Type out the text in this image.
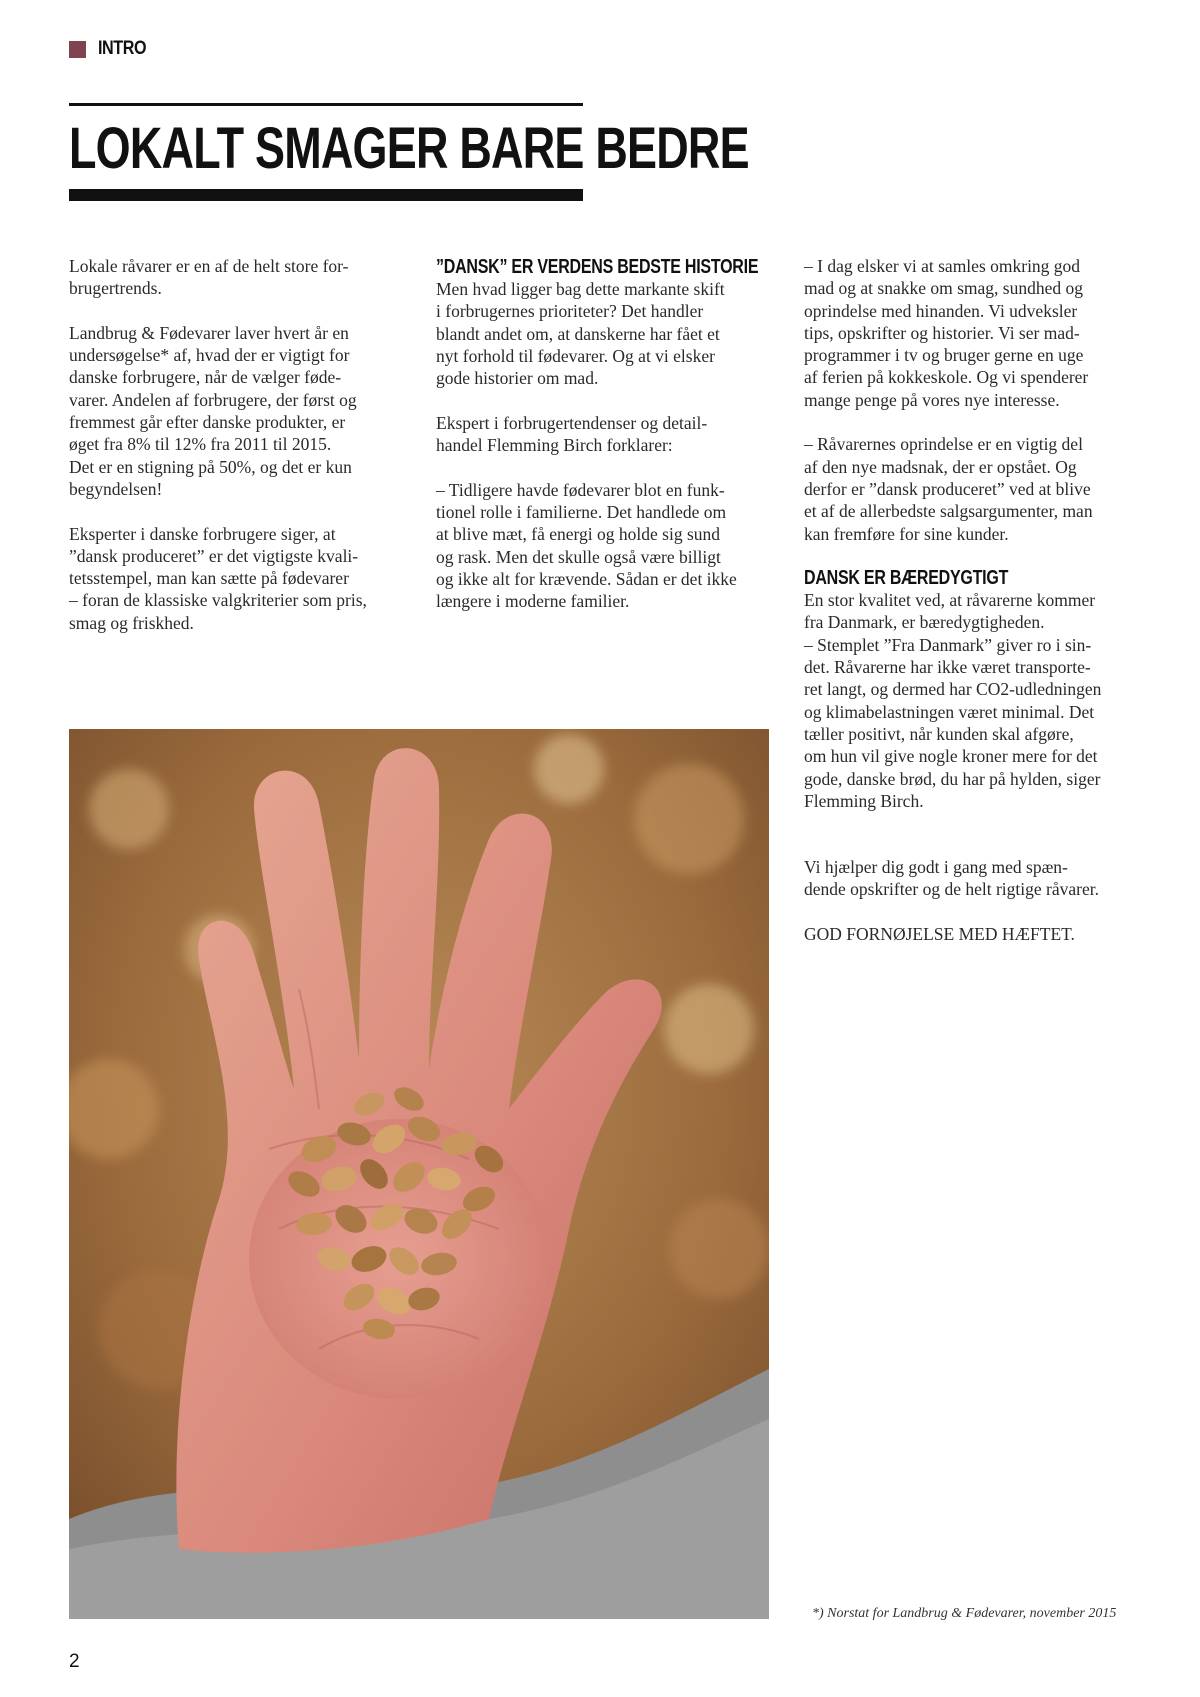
INTRO
LOKALT SMAGER BARE BEDRE

Lokale råvarer er en af de helt store for-
brugertrends.

Landbrug & Fødevarer laver hvert år en
undersøgelse* af, hvad der er vigtigt for
danske forbrugere, når de vælger føde-
varer. Andelen af forbrugere, der først og
fremmest går efter danske produkter, er
øget fra 8% til 12% fra 2011 til 2015.
Det er en stigning på 50%, og det er kun
begyndelsen!

Eksperter i danske forbrugere siger, at
”dansk produceret” er det vigtigste kvali-
tetsstempel, man kan sætte på fødevarer
– foran de klassiske valgkriterier som pris,
smag og friskhed.

”DANSK” ER VERDENS BEDSTE HISTORIE

Men hvad ligger bag dette markante skift
i forbrugernes prioriteter? Det handler
blandt andet om, at danskerne har fået et
nyt forhold til fødevarer. Og at vi elsker
gode historier om mad.

Ekspert i forbrugertendenser og detail-
handel Flemming Birch forklarer:

– Tidligere havde fødevarer blot en funk-
tionel rolle i familierne. Det handlede om
at blive mæt, få energi og holde sig sund
og rask. Men det skulle også være billigt
og ikke alt for krævende. Sådan er det ikke
længere i moderne familier.

– I dag elsker vi at samles omkring god
mad og at snakke om smag, sundhed og
oprindelse med hinanden. Vi udveksler
tips, opskrifter og historier. Vi ser mad-
programmer i tv og bruger gerne en uge
af ferien på kokkeskole. Og vi spenderer
mange penge på vores nye interesse.

– Råvarernes oprindelse er en vigtig del
af den nye madsnak, der er opstået. Og
derfor er ”dansk produceret” ved at blive
et af de allerbedste salgsargumenter, man
kan fremføre for sine kunder.

DANSK ER BÆREDYGTIGT

En stor kvalitet ved, at råvarerne kommer
fra Danmark, er bæredygtigheden.
– Stemplet ”Fra Danmark” giver ro i sin-
det. Råvarerne har ikke været transporte-
ret langt, og dermed har CO2-udledningen
og klimabelastningen været minimal. Det
tæller positivt, når kunden skal afgøre,
om hun vil give nogle kroner mere for det
gode, danske brød, du har på hylden, siger
Flemming Birch.

Vi hjælper dig godt i gang med spæn-
dende opskrifter og de helt rigtige råvarer.

GOD FORNØJELSE MED HÆFTET.

*) Norstat for Landbrug & Fødevarer, november 2015
2
